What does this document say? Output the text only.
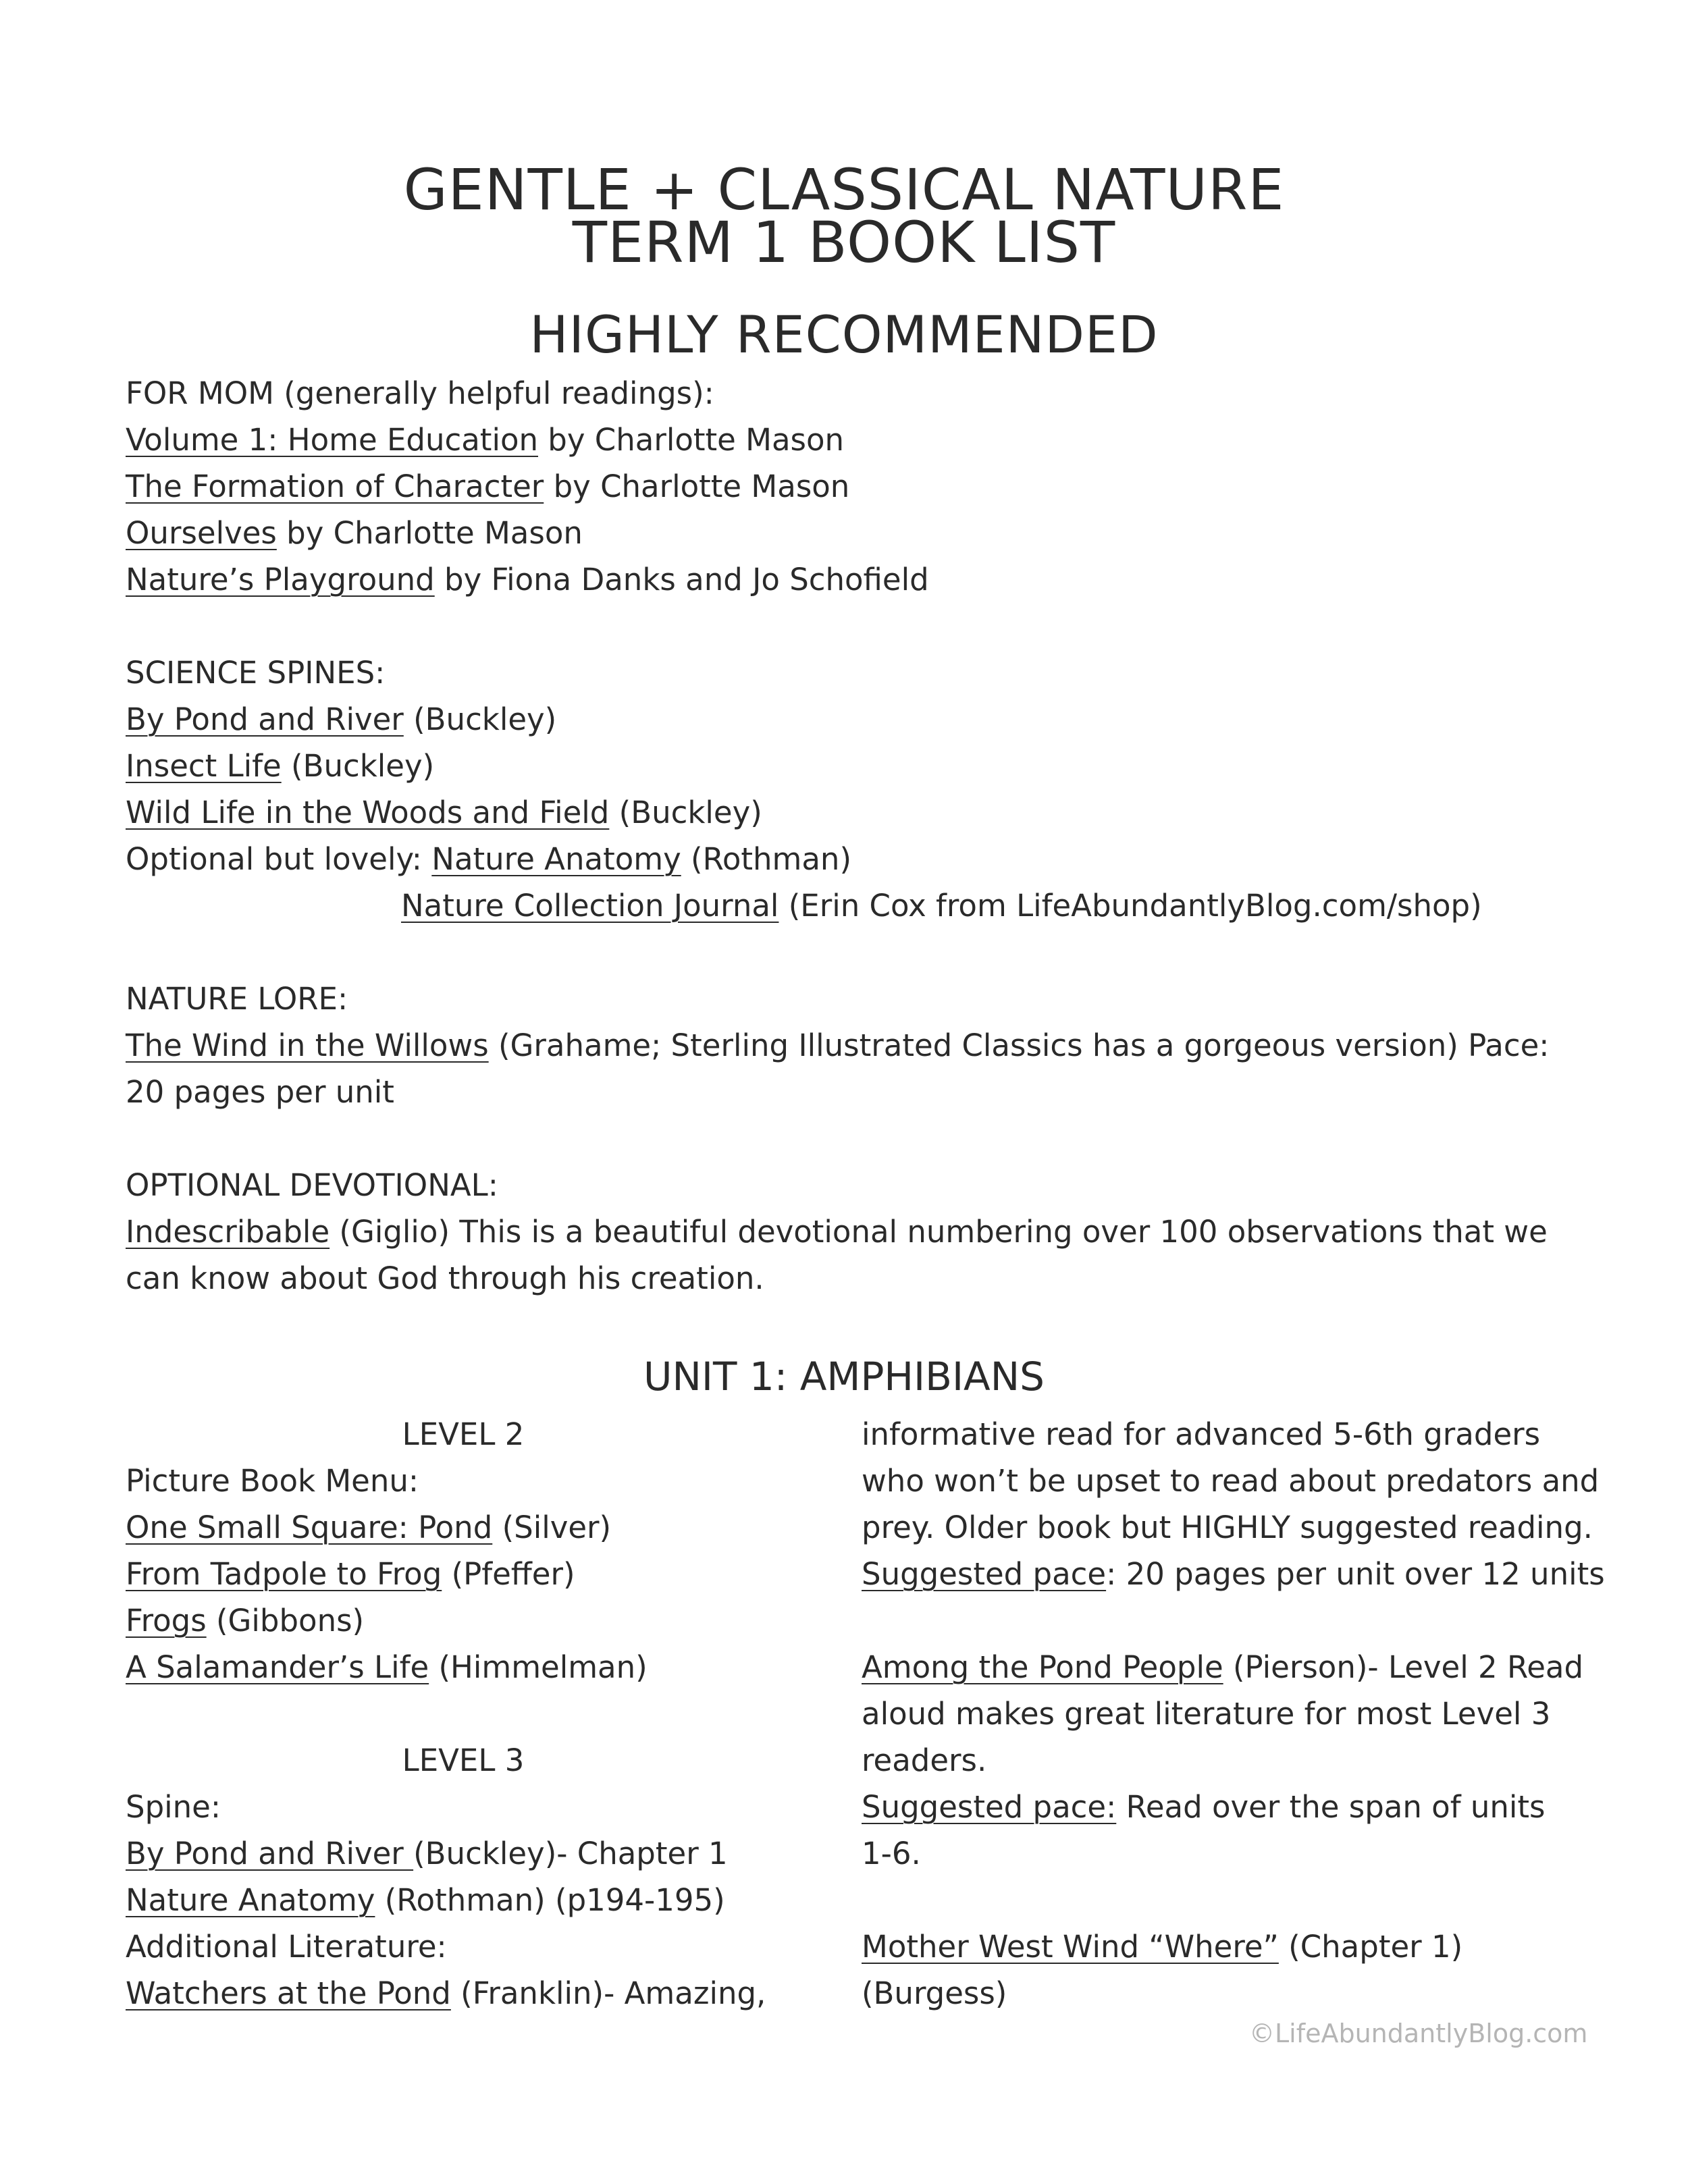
GENTLE + CLASSICAL NATURE
TERM 1 BOOK LIST
HIGHLY RECOMMENDED

FOR MOM (generally helpful readings):

Volume 1: Home Education by Charlotte Mason

The Formation of Character by Charlotte Mason

Ourselves by Charlotte Mason

Nature’s Playground by Fiona Danks and Jo Schofield

SCIENCE SPINES:

By Pond and River (Buckley)

Insect Life (Buckley)

Wild Life in the Woods and Field (Buckley)

Optional but lovely: Nature Anatomy (Rothman)

Nature Collection Journal (Erin Cox from LifeAbundantlyBlog.com/shop)

NATURE LORE:

The Wind in the Willows (Grahame; Sterling Illustrated Classics has a gorgeous version) Pace: 20 pages per unit

OPTIONAL DEVOTIONAL:

Indescribable (Giglio) This is a beautiful devotional numbering over 100 observations that we can know about God through his creation.

UNIT 1: AMPHIBIANS

LEVEL 2

Picture Book Menu:

One Small Square: Pond (Silver)

From Tadpole to Frog (Pfeffer)

Frogs (Gibbons)

A Salamander’s Life (Himmelman)

LEVEL 3

Spine:

By Pond and River (Buckley)- Chapter 1

Nature Anatomy (Rothman) (p194-195)

Additional Literature:

Watchers at the Pond (Franklin)- Amazing,

informative read for advanced 5-6th graders

who won’t be upset to read about predators and

prey. Older book but HIGHLY suggested reading.

Suggested pace: 20 pages per unit over 12 units

Among the Pond People (Pierson)- Level 2 Read

aloud makes great literature for most Level 3

readers.

Suggested pace: Read over the span of units

1-6.

Mother West Wind “Where” (Chapter 1)

(Burgess)

©LifeAbundantlyBlog.com
